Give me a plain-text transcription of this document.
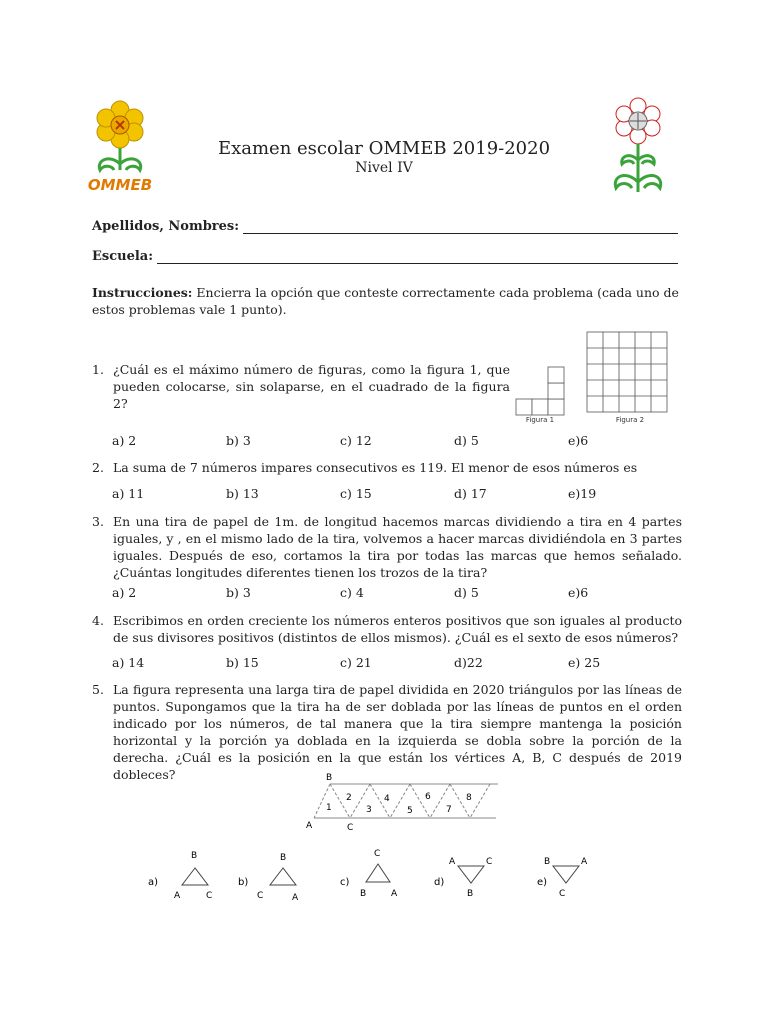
OMMEB
Examen escolar OMMEB 2019-2020
Nivel IV
Apellidos, Nombres:
Escuela:
Instrucciones: Encierra la opción que conteste correctamente cada problema (cada uno de estos problemas vale 1 punto).
1. ¿Cuál es el máximo número de figuras, como la figura 1, que pueden colocarse, sin solaparse, en el cuadrado de la figura 2?
Figura 1	Figura 2
a) 2	b) 3	c) 12	d) 5	e)6
2. La suma de 7 números impares consecutivos es 119. El menor de esos números es
a) 11	b) 13	c) 15	d) 17	e)19
3. En una tira de papel de 1m. de longitud hacemos marcas dividiendo a tira en 4 partes iguales, y , en el mismo lado de la tira, volvemos a hacer marcas dividiéndola en 3 partes iguales. Después de eso, cortamos la tira por todas las marcas que hemos señalado. ¿Cuántas longitudes diferentes tienen los trozos de la tira?
a) 2	b) 3	c) 4	d) 5	e)6
4. Escribimos en orden creciente los números enteros positivos que son iguales al producto de sus divisores positivos (distintos de ellos mismos). ¿Cuál es el sexto de esos números?
a) 14	b) 15	c) 21	d)22	e) 25
5. La figura representa una larga tira de papel dividida en 2020 triángulos por las líneas de puntos. Supongamos que la tira ha de ser doblada por las líneas de puntos en el orden indicado por los números, de tal manera que la tira siempre mantenga la posición horizontal y la porción ya doblada en la izquierda se dobla sobre la porción de la derecha. ¿Cuál es la posición en la que están los vértices A, B, C después de 2019 dobleces?	B
A	C
1
2
3
4
5
6
7
8
a)
B
A	C
b)
B
C	A
c)
C
B	A
d)
A	C
B
e)
B	A
C
